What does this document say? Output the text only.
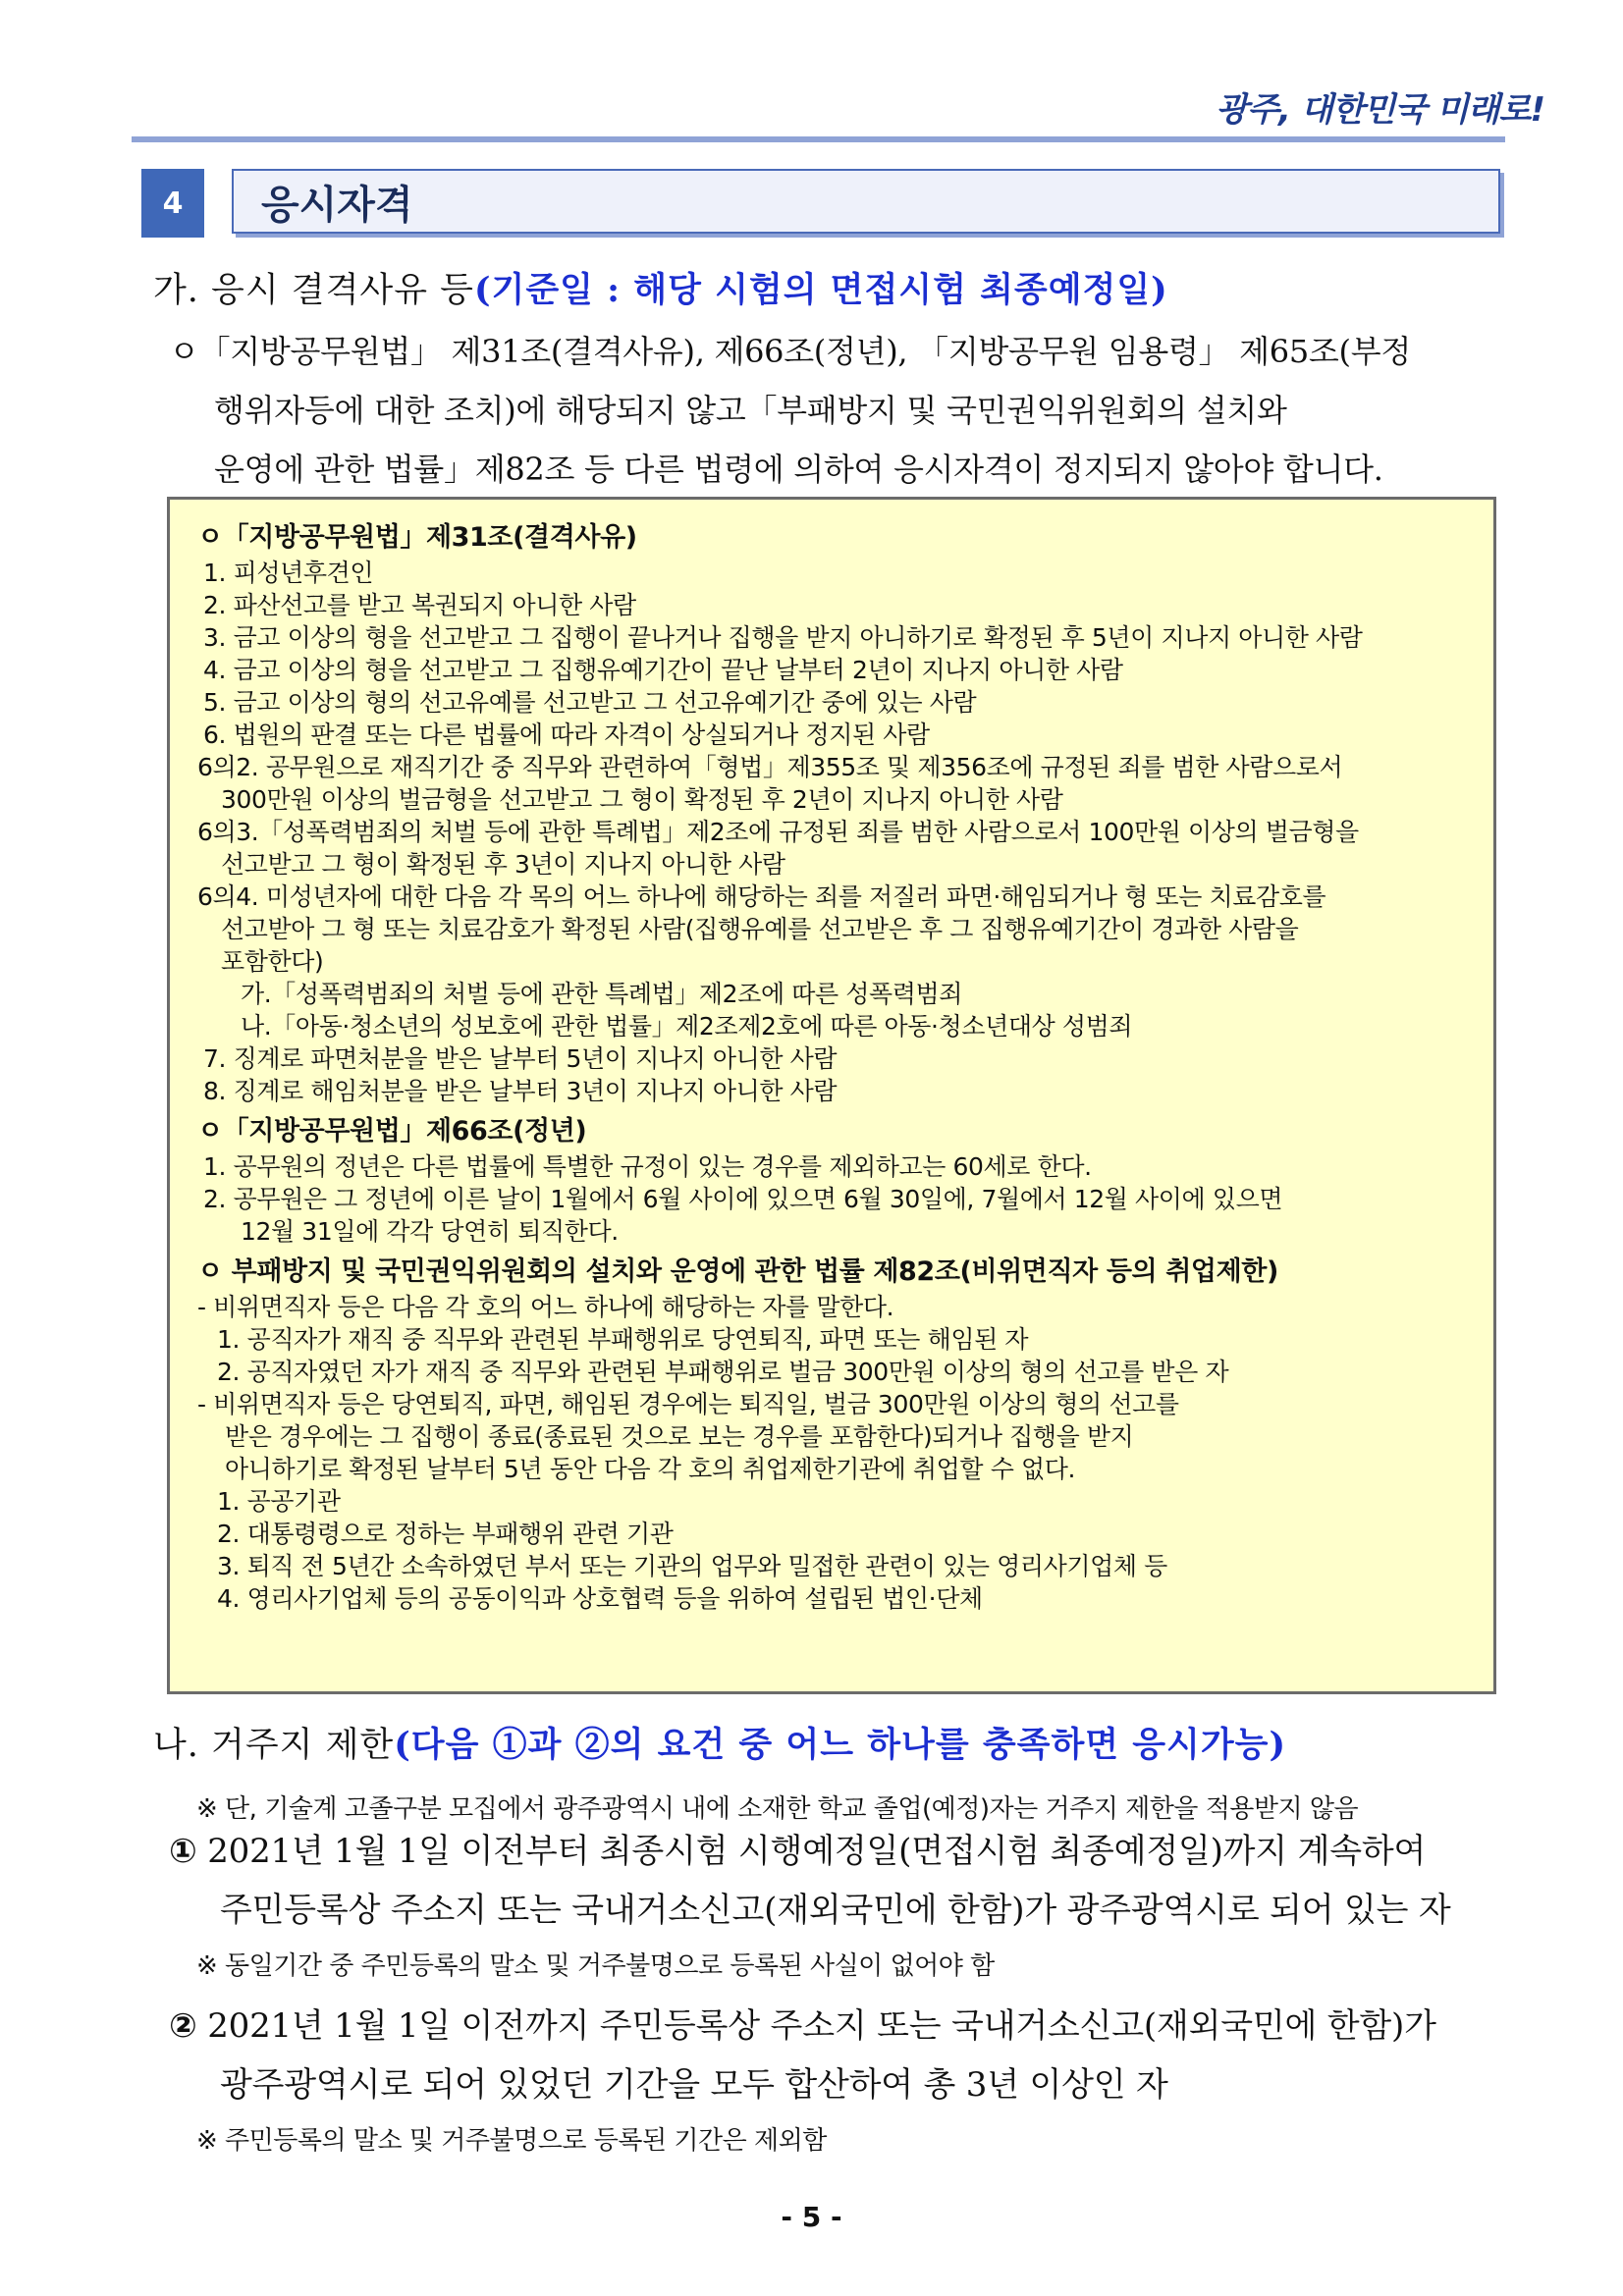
광주, 대한민국 미래로!
4	응시자격
가. 응시 결격사유 등(기준일 : 해당 시험의 면접시험 최종예정일)
ㅇ「지방공무원법」 제31조(결격사유), 제66조(정년), 「지방공무원 임용령」 제65조(부정
행위자등에 대한 조치)에 해당되지 않고「부패방지 및 국민권익위원회의 설치와
운영에 관한 법률」제82조 등 다른 법령에 의하여 응시자격이 정지되지 않아야 합니다.
ㅇ「지방공무원법」제31조(결격사유)
1. 피성년후견인
2. 파산선고를 받고 복권되지 아니한 사람
3. 금고 이상의 형을 선고받고 그 집행이 끝나거나 집행을 받지 아니하기로 확정된 후 5년이 지나지 아니한 사람
4. 금고 이상의 형을 선고받고 그 집행유예기간이 끝난 날부터 2년이 지나지 아니한 사람
5. 금고 이상의 형의 선고유예를 선고받고 그 선고유예기간 중에 있는 사람
6. 법원의 판결 또는 다른 법률에 따라 자격이 상실되거나 정지된 사람
6의2. 공무원으로 재직기간 중 직무와 관련하여「형법」제355조 및 제356조에 규정된 죄를 범한 사람으로서
300만원 이상의 벌금형을 선고받고 그 형이 확정된 후 2년이 지나지 아니한 사람
6의3.「성폭력범죄의 처벌 등에 관한 특례법」제2조에 규정된 죄를 범한 사람으로서 100만원 이상의 벌금형을
선고받고 그 형이 확정된 후 3년이 지나지 아니한 사람
6의4. 미성년자에 대한 다음 각 목의 어느 하나에 해당하는 죄를 저질러 파면·해임되거나 형 또는 치료감호를
선고받아 그 형 또는 치료감호가 확정된 사람(집행유예를 선고받은 후 그 집행유예기간이 경과한 사람을
포함한다)
가.「성폭력범죄의 처벌 등에 관한 특례법」제2조에 따른 성폭력범죄
나.「아동·청소년의 성보호에 관한 법률」제2조제2호에 따른 아동·청소년대상 성범죄
7. 징계로 파면처분을 받은 날부터 5년이 지나지 아니한 사람
8. 징계로 해임처분을 받은 날부터 3년이 지나지 아니한 사람
ㅇ「지방공무원법」제66조(정년)
1. 공무원의 정년은 다른 법률에 특별한 규정이 있는 경우를 제외하고는 60세로 한다.
2. 공무원은 그 정년에 이른 날이 1월에서 6월 사이에 있으면 6월 30일에, 7월에서 12월 사이에 있으면
12월 31일에 각각 당연히 퇴직한다.
ㅇ 부패방지 및 국민권익위원회의 설치와 운영에 관한 법률 제82조(비위면직자 등의 취업제한)
- 비위면직자 등은 다음 각 호의 어느 하나에 해당하는 자를 말한다.
1. 공직자가 재직 중 직무와 관련된 부패행위로 당연퇴직, 파면 또는 해임된 자
2. 공직자였던 자가 재직 중 직무와 관련된 부패행위로 벌금 300만원 이상의 형의 선고를 받은 자
- 비위면직자 등은 당연퇴직, 파면, 해임된 경우에는 퇴직일, 벌금 300만원 이상의 형의 선고를
받은 경우에는 그 집행이 종료(종료된 것으로 보는 경우를 포함한다)되거나 집행을 받지
아니하기로 확정된 날부터 5년 동안 다음 각 호의 취업제한기관에 취업할 수 없다.
1. 공공기관
2. 대통령령으로 정하는 부패행위 관련 기관
3. 퇴직 전 5년간 소속하였던 부서 또는 기관의 업무와 밀접한 관련이 있는 영리사기업체 등
4. 영리사기업체 등의 공동이익과 상호협력 등을 위하여 설립된 법인·단체
나. 거주지 제한(다음 ①과 ②의 요건 중 어느 하나를 충족하면 응시가능)
※ 단, 기술계 고졸구분 모집에서 광주광역시 내에 소재한 학교 졸업(예정)자는 거주지 제한을 적용받지 않음
① 2021년 1월 1일 이전부터 최종시험 시행예정일(면접시험 최종예정일)까지 계속하여
주민등록상 주소지 또는 국내거소신고(재외국민에 한함)가 광주광역시로 되어 있는 자
※ 동일기간 중 주민등록의 말소 및 거주불명으로 등록된 사실이 없어야 함
② 2021년 1월 1일 이전까지 주민등록상 주소지 또는 국내거소신고(재외국민에 한함)가
광주광역시로 되어 있었던 기간을 모두 합산하여 총 3년 이상인 자
※ 주민등록의 말소 및 거주불명으로 등록된 기간은 제외함
- 5 -
